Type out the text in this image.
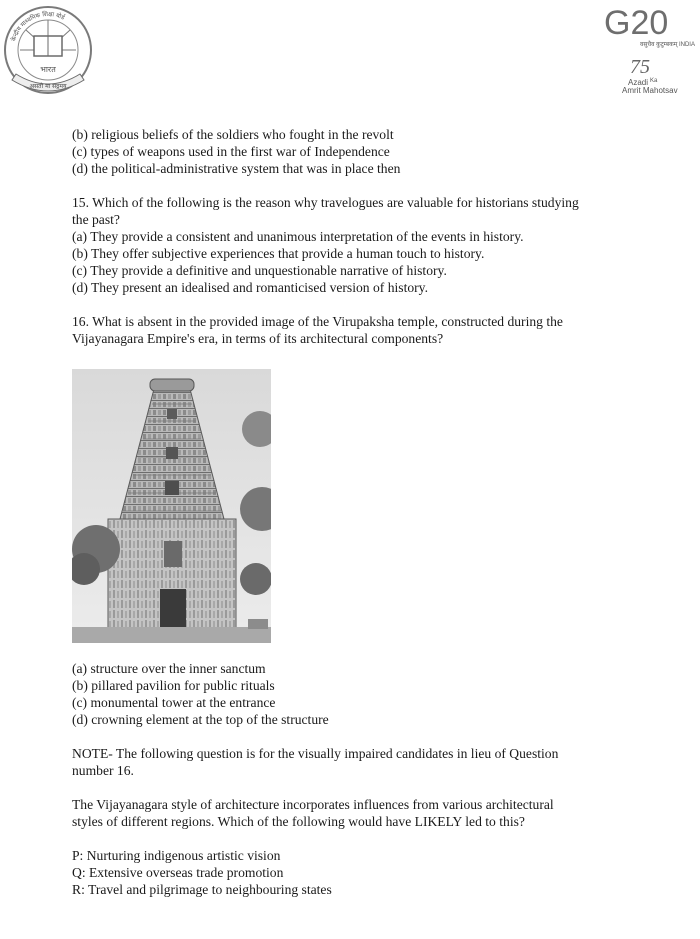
भारत
असतो मा सद्गमय
केन्द्रीय माध्यमिक शिक्षा बोर्ड	G20
वसुधैव कुटुम्बकम् INDIA
75
Azadi Ka
Amrit Mahotsav
(b) religious beliefs of the soldiers who fought in the revolt
(c) types of weapons used in the first war of Independence
(d) the political-administrative system that was in place then
15. Which of the following is the reason why travelogues are valuable for historians studying
the past?
(a) They provide a consistent and unanimous interpretation of the events in history.
(b) They offer subjective experiences that provide a human touch to history.
(c) They provide a definitive and unquestionable narrative of history.
(d) They present an idealised and romanticised version of history.
16. What is absent in the provided image of the Virupaksha temple, constructed during the
Vijayanagara Empire's era, in terms of its architectural components?
(a) structure over the inner sanctum
(b) pillared pavilion for public rituals
(c) monumental tower at the entrance
(d) crowning element at the top of the structure
NOTE- The following question is for the visually impaired candidates in lieu of Question
number 16.
The Vijayanagara style of architecture incorporates influences from various architectural
styles of different regions. Which of the following would have LIKELY led to this?
P: Nurturing indigenous artistic vision
Q: Extensive overseas trade promotion
R: Travel and pilgrimage to neighbouring states
